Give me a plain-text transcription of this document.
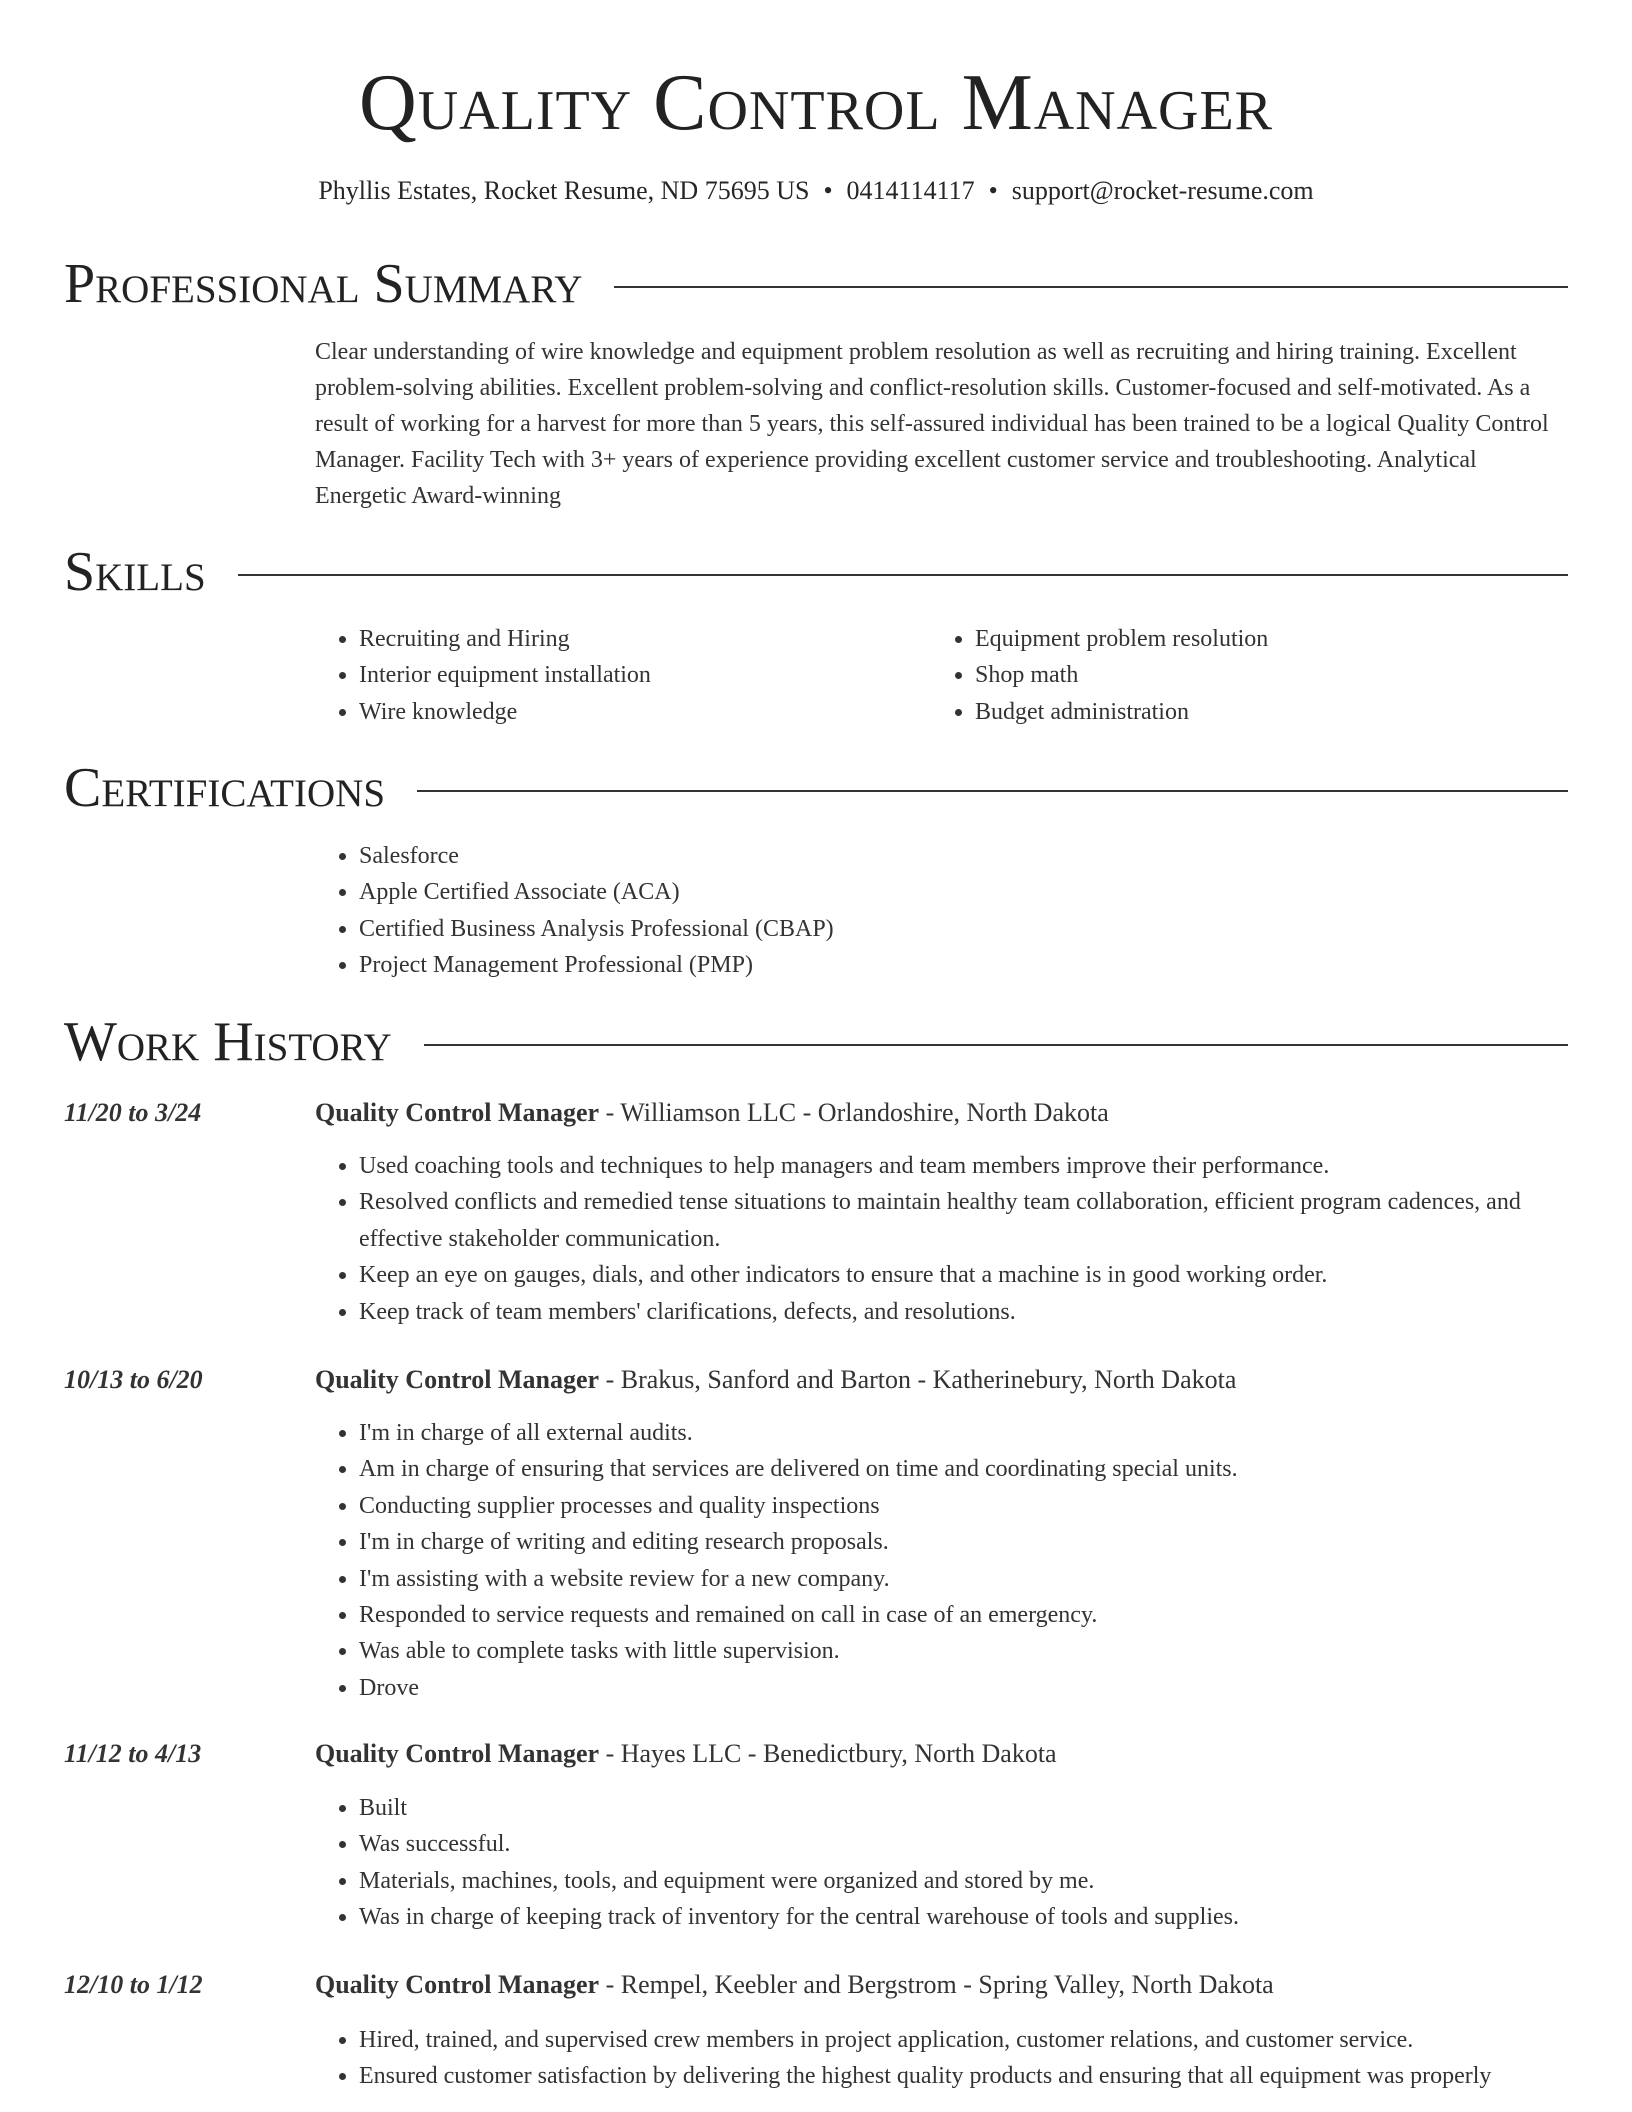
Quality Control Manager
Phyllis Estates, Rocket Resume, ND 75695 US • 0414114117 • support@rocket-resume.com
Professional Summary
Clear understanding of wire knowledge and equipment problem resolution as well as recruiting and hiring training. Excellent problem-solving abilities. Excellent problem-solving and conflict-resolution skills. Customer-focused and self-motivated. As a result of working for a harvest for more than 5 years, this self-assured individual has been trained to be a logical Quality Control Manager. Facility Tech with 3+ years of experience providing excellent customer service and troubleshooting. Analytical Energetic Award-winning
Skills
• Recruiting and Hiring
• Interior equipment installation
• Wire knowledge
• Equipment problem resolution
• Shop math
• Budget administration
Certifications
• Salesforce
• Apple Certified Associate (ACA)
• Certified Business Analysis Professional (CBAP)
• Project Management Professional (PMP)
Work History
11/20 to 3/24	Quality Control Manager - Williamson LLC - Orlandoshire, North Dakota
• Used coaching tools and techniques to help managers and team members improve their performance.
• Resolved conflicts and remedied tense situations to maintain healthy team collaboration, efficient program cadences, and effective stakeholder communication.
• Keep an eye on gauges, dials, and other indicators to ensure that a machine is in good working order.
• Keep track of team members' clarifications, defects, and resolutions.
10/13 to 6/20	Quality Control Manager - Brakus, Sanford and Barton - Katherinebury, North Dakota
• I'm in charge of all external audits.
• Am in charge of ensuring that services are delivered on time and coordinating special units.
• Conducting supplier processes and quality inspections
• I'm in charge of writing and editing research proposals.
• I'm assisting with a website review for a new company.
• Responded to service requests and remained on call in case of an emergency.
• Was able to complete tasks with little supervision.
• Drove
11/12 to 4/13	Quality Control Manager - Hayes LLC - Benedictbury, North Dakota
• Built
• Was successful.
• Materials, machines, tools, and equipment were organized and stored by me.
• Was in charge of keeping track of inventory for the central warehouse of tools and supplies.
12/10 to 1/12	Quality Control Manager - Rempel, Keebler and Bergstrom - Spring Valley, North Dakota
• Hired, trained, and supervised crew members in project application, customer relations, and customer service.
• Ensured customer satisfaction by delivering the highest quality products and ensuring that all equipment was properly
